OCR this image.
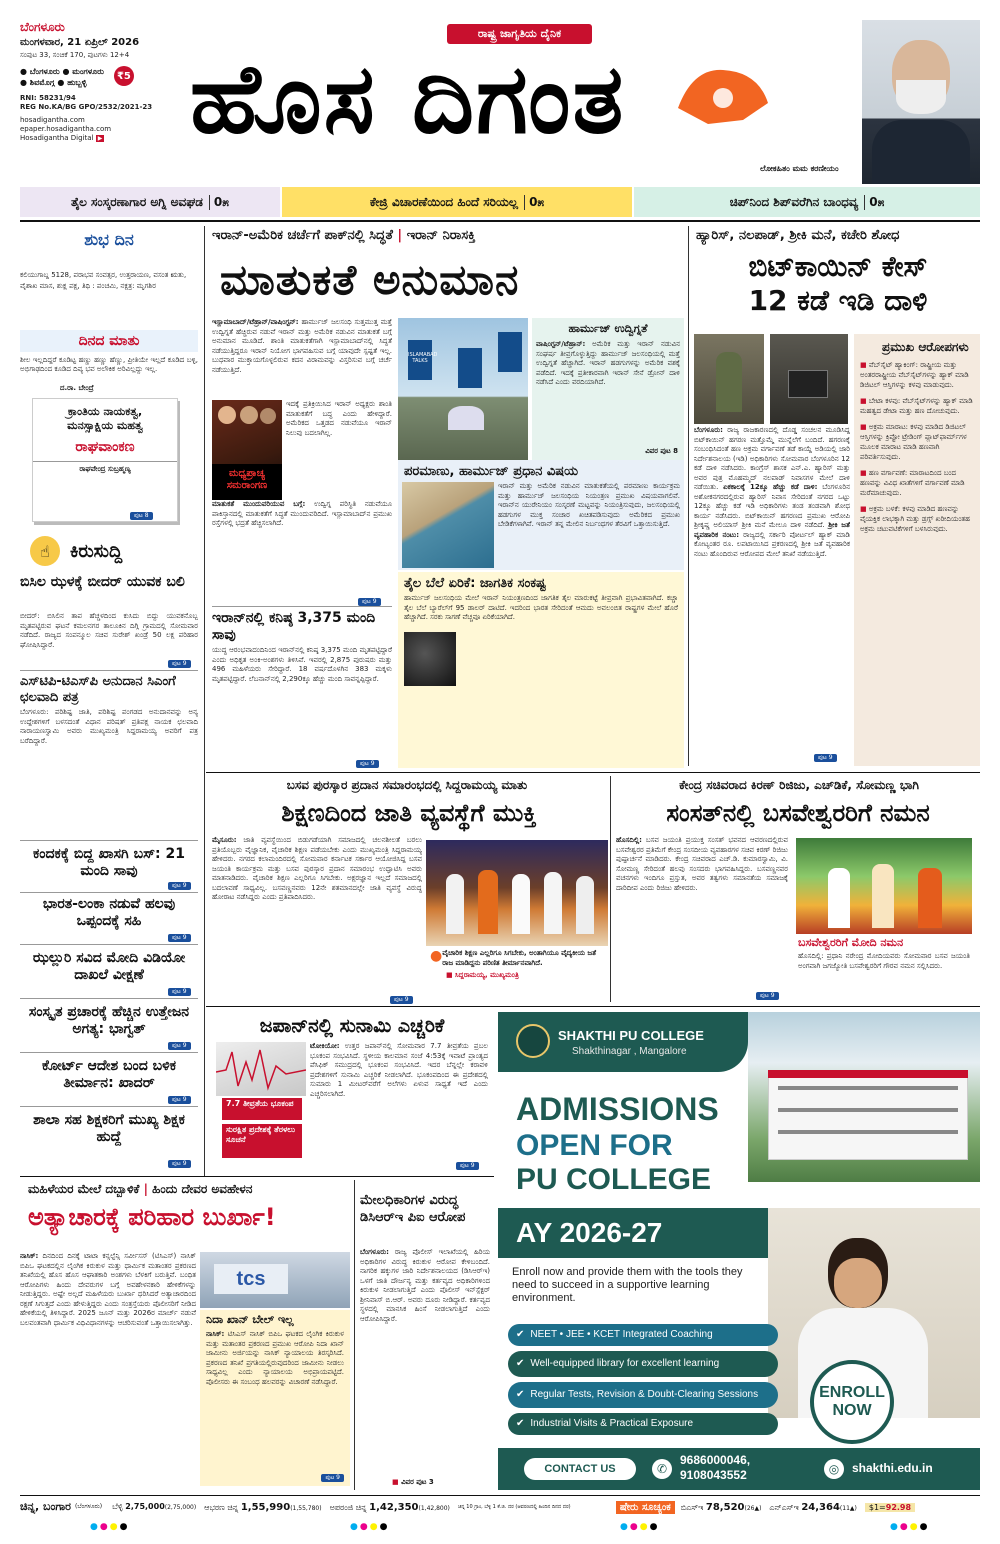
ಬೆಂಗಳೂರು
ಮಂಗಳವಾರ, 21 ಏಪ್ರಿಲ್ 2026
ಸಂಪುಟ 33, ಸಂಚಿಕೆ 170, ಪುಟಗಳು 12+4
● ಬೆಂಗಳೂರು ● ಮಂಗಳೂರು
● ಶಿವಮೊಗ್ಗ ● ಹುಬ್ಬಳ್ಳಿ
₹5
RNI: 58231/94
REG No.KA/BG GPO/2532/2021-23
hosadigantha.com
epaper.hosadigantha.com
Hosadigantha Digital ▶
ರಾಷ್ಟ್ರ ಜಾಗೃತಿಯ ದೈನಿಕ
ಹೊಸ ದಿಗಂತ
ಲೋಕಹಿತಂ ಮಮ ಕರಣೀಯಂ
ತೈಲ ಸಂಸ್ಕರಣಾಗಾರ ಅಗ್ನಿ ಅವಘಡ 0೫	ಕೇಜ್ರಿ ವಿಚಾರಣೆಯಿಂದ ಹಿಂದೆ ಸರಿಯಲ್ಲ 0೫	ಚಿಪ್‌ನಿಂದ ಶಿಪ್‌ವರೆಗಿನ ಬಾಂಧವ್ಯ 0೫
ಶುಭ ದಿನ
ಕಲಿಯುಗಾಬ್ದ 5128, ಪರಾಭವ ಸಂವತ್ಸರ, ಉತ್ತರಾಯಣ, ವಸಂತ ಋತು, ವೈಶಾಖ ಮಾಸ, ಶುಕ್ಲ ಪಕ್ಷ, ತಿಥಿ : ಪಂಚಮಿ, ನಕ್ಷತ್ರ: ಮೃಗಶಿರ
ದಿನದ ಮಾತು
ಶೀಲ ಇಲ್ಲದಿದ್ದರೆ ಕೂಡಿಟ್ಟ ಹಣ್ಣು ಹಣ್ಣು ಹೆಣ್ಣು, ಪ್ರೀತಿಯೇ ಇಲ್ಲದೆ ಕೂಡಿದ ಬಳ್ಳಿ, ಅಭಿಗಾಢದಿಂದ ಕೂಡಿದ ದಿವ್ಯ ಭವ ಅಲೌಕಿಕ ಅರಿವಿಲ್ಲದ್ದು ಇಲ್ಲ.
ದ.ರಾ. ಬೇಂದ್ರೆ
ಕ್ರಾಂತಿಯ ನಾಯಕತ್ವ, ಮನಸ್ಸಾಕ್ಷಿಯ ಮಹತ್ವ
ರಾಘವಾಂಕಣ
ರಾಘವೇಂದ್ರ ಸುಬ್ರಹ್ಮಣ್ಯ
ಪುಟ 8
☝	ಕಿರುಸುದ್ದಿ
ಬಿಸಿಲ ಝಳಕ್ಕೆ ಬೀದರ್ ಯುವಕ ಬಲಿ
ಬೀದರ್: ಬಿಸಿಲಿನ ತಾಪ ಹೆಚ್ಚಳದಿಂದ ಕುಸಿದು ಬಿದ್ದು ಯುವಕನೊಬ್ಬ ಮೃತಪಟ್ಟಿರುವ ಘಟನೆ ಕಮಲನಗರ ತಾಲೂಕಿನ ದಿಗ್ಗಿ ಗ್ರಾಮದಲ್ಲಿ ಸೋಮವಾರ ನಡೆದಿದೆ. ರಾಜ್ಯದ ಸಂಪನ್ಮೂಲ ಸಚಿವ ಸುರೇಶ್ ಖಂಡ್ರೆ 50 ಲಕ್ಷ ಪರಿಹಾರ ಘೋಷಿಸಿದ್ದಾರೆ.
ಪುಟ 9
ಎಸ್‌ಟಿಪಿ-ಟಿಎಸ್‌ಪಿ ಅನುದಾನ ಸಿಎಂಗೆ ಛಲವಾದಿ ಪತ್ರ
ಬೆಂಗಳೂರು: ಪರಿಶಿಷ್ಟ ಜಾತಿ, ಪರಿಶಿಷ್ಟ ಪಂಗಡದ ಅನುದಾನವನ್ನು ಅನ್ಯ ಉದ್ದೇಶಗಳಿಗೆ ಬಳಸದಂತೆ ವಿಧಾನ ಪರಿಷತ್ ಪ್ರತಿಪಕ್ಷ ನಾಯಕ ಛಲವಾದಿ ನಾರಾಯಣಸ್ವಾಮಿ ಅವರು ಮುಖ್ಯಮಂತ್ರಿ ಸಿದ್ದರಾಮಯ್ಯ ಅವರಿಗೆ ಪತ್ರ ಬರೆದಿದ್ದಾರೆ.
ಕಂದಕಕ್ಕೆ ಬಿದ್ದ ಖಾಸಗಿ ಬಸ್: 21 ಮಂದಿ ಸಾವು
ಪುಟ 9
ಭಾರತ-ಲಂಕಾ ನಡುವೆ ಹಲವು ಒಪ್ಪಂದಕ್ಕೆ ಸಹಿ
ಪುಟ 9
ಝಲ್ಲುರಿ ಸವಿದ ಮೋದಿ ವಿಡಿಯೋ ದಾಖಲೆ ವೀಕ್ಷಣೆ
ಪುಟ 9
ಸಂಸ್ಕೃತ ಪ್ರಚಾರಕ್ಕೆ ಹೆಚ್ಚಿನ ಉತ್ತೇಜನ ಅಗತ್ಯ: ಭಾಗ್ವತ್
ಪುಟ 9
ಕೋರ್ಟ್ ಆದೇಶ ಬಂದ ಬಳಿಕ ತೀರ್ಮಾನ: ಖಾದರ್
ಪುಟ 9
ಶಾಲಾ ಸಹ ಶಿಕ್ಷಕರಿಗೆ ಮುಖ್ಯ ಶಿಕ್ಷಕ ಹುದ್ದೆ
ಪುಟ 9
ಇರಾನ್-ಅಮೆರಿಕ ಚರ್ಚೆಗೆ ಪಾಕ್‌ನಲ್ಲಿ ಸಿದ್ಧತೆ | ಇರಾನ್ ನಿರಾಸಕ್ತಿ
ಮಾತುಕತೆ ಅನುಮಾನ
ಇಸ್ಲಾಮಾಬಾದ್/ಟೆಹ್ರಾನ್/ವಾಷಿಂಗ್ಟನ್: ಹಾರ್ಮುಜ್ ಜಲಸಂಧಿ ಸುತ್ತಮುತ್ತ ಮತ್ತೆ ಉದ್ವಿಗ್ನತೆ ಹೆಚ್ಚಿರುವ ನಡುವೆ ಇರಾನ್ ಮತ್ತು ಅಮೆರಿಕ ನಡುವಿನ ಮಾತುಕತೆ ಬಗ್ಗೆ ಅನುಮಾನ ಮೂಡಿದೆ. ಶಾಂತಿ ಮಾತುಕತೆಗಾಗಿ ಇಸ್ಲಾಮಾಬಾದ್‌ನಲ್ಲಿ ಸಿದ್ಧತೆ ನಡೆಯುತ್ತಿದ್ದರೂ ಇರಾನ್ ನಿಯೋಗ ಭಾಗವಹಿಸುವ ಬಗ್ಗೆ ಯಾವುದೇ ಸ್ಪಷ್ಟತೆ ಇಲ್ಲ. ಬುಧವಾರ ಮುಕ್ತಾಯಗೊಳ್ಳಲಿರುವ ಕದನ ವಿರಾಮವನ್ನು ವಿಸ್ತರಿಸುವ ಬಗ್ಗೆ ಚರ್ಚೆ ನಡೆಯುತ್ತಿದೆ.
ಮಧ್ಯಪ್ರಾಚ್ಯ ಸಮರಾಂಗಣ
ಇದಕ್ಕೆ ಪ್ರತಿಕ್ರಿಯಿಸಿದ ಇರಾನ್ ಅಧ್ಯಕ್ಷರು ಶಾಂತಿ ಮಾತುಕತೆಗೆ ಬದ್ಧ ಎಂದು ಹೇಳಿದ್ದಾರೆ. ಅಮೆರಿಕದ ಒತ್ತಡದ ನಡುವೆಯೂ ಇರಾನ್ ನಿಲುವು ಬದಲಾಗಿಲ್ಲ.
ಮಾತುಕತೆ ಮುಂದುವರಿಯುವ ಬಗ್ಗೆ: ಉದ್ವಿಗ್ನ ಪರಿಸ್ಥಿತಿ ನಡುವೆಯೂ ಪಾಕಿಸ್ತಾನದಲ್ಲಿ ಮಾತುಕತೆಗೆ ಸಿದ್ಧತೆ ಮುಂದುವರಿದಿದೆ. ಇಸ್ಲಾಮಾಬಾದ್‌ನ ಪ್ರಮುಖ ರಸ್ತೆಗಳಲ್ಲಿ ಭದ್ರತೆ ಹೆಚ್ಚಿಸಲಾಗಿದೆ.
ಪುಟ 9
ಇರಾನ್‌ನಲ್ಲಿ ಕನಿಷ್ಠ 3,375 ಮಂದಿ ಸಾವು
ಯುದ್ಧ ಆರಂಭವಾದಂದಿನಿಂದ ಇರಾನ್‌ನಲ್ಲಿ ಕನಿಷ್ಠ 3,375 ಮಂದಿ ಮೃತಪಟ್ಟಿದ್ದಾರೆ ಎಂದು ಅಧಿಕೃತ ಅಂಕಿ-ಅಂಶಗಳು ತಿಳಿಸಿವೆ. ಇವರಲ್ಲಿ 2,875 ಪುರುಷರು ಮತ್ತು 496 ಮಹಿಳೆಯರು ಸೇರಿದ್ದಾರೆ. 18 ವರ್ಷದೊಳಗಿನ 383 ಮಕ್ಕಳು ಮೃತಪಟ್ಟಿದ್ದಾರೆ. ಲೆಬನಾನ್‌ನಲ್ಲಿ 2,290ಕ್ಕೂ ಹೆಚ್ಚು ಮಂದಿ ಸಾವನ್ನಪ್ಪಿದ್ದಾರೆ.
ಪುಟ 9
ISLAMABAD TALKS
ಹಾರ್ಮುಜ್ ಉದ್ವಿಗ್ನತೆ
ವಾಷಿಂಗ್ಟನ್/ಟೆಹ್ರಾನ್: ಅಮೆರಿಕ ಮತ್ತು ಇರಾನ್ ನಡುವಿನ ಸಂಘರ್ಷ ತೀವ್ರಗೊಳ್ಳುತ್ತಿದ್ದು ಹಾರ್ಮುಜ್ ಜಲಸಂಧಿಯಲ್ಲಿ ಮತ್ತೆ ಉದ್ವಿಗ್ನತೆ ಹೆಚ್ಚಾಗಿದೆ. ಇರಾನ್ ಹಡಗುಗಳನ್ನು ಅಮೆರಿಕ ವಶಕ್ಕೆ ಪಡೆದಿದೆ. ಇದಕ್ಕೆ ಪ್ರತೀಕಾರವಾಗಿ ಇರಾನ್ ಸೇನೆ ಡ್ರೋನ್ ದಾಳಿ ನಡೆಸಿದೆ ಎಂದು ವರದಿಯಾಗಿದೆ.
ವಿವರ ಪುಟ 8
ಪರಮಾಣು, ಹಾರ್ಮುಜ್ ಪ್ರಧಾನ ವಿಷಯ
ಇರಾನ್ ಮತ್ತು ಅಮೆರಿಕ ನಡುವಿನ ಮಾತುಕತೆಯಲ್ಲಿ ಪರಮಾಣು ಕಾರ್ಯಕ್ರಮ ಮತ್ತು ಹಾರ್ಮುಜ್ ಜಲಸಂಧಿಯ ನಿಯಂತ್ರಣ ಪ್ರಮುಖ ವಿಷಯವಾಗಲಿವೆ. ಇರಾನ್‌ನ ಯುರೇನಿಯಂ ಸಂಸ್ಕರಣೆ ಮಟ್ಟವನ್ನು ನಿಯಂತ್ರಿಸುವುದು, ಜಲಸಂಧಿಯಲ್ಲಿ ಹಡಗುಗಳ ಮುಕ್ತ ಸಂಚಾರ ಖಚಿತಪಡಿಸುವುದು ಅಮೆರಿಕದ ಪ್ರಮುಖ ಬೇಡಿಕೆಗಳಾಗಿವೆ. ಇರಾನ್ ತನ್ನ ಮೇಲಿನ ನಿರ್ಬಂಧಗಳ ತೆರವಿಗೆ ಒತ್ತಾಯಿಸುತ್ತಿದೆ.
ತೈಲ ಬೆಲೆ ಏರಿಕೆ: ಜಾಗತಿಕ ಸಂಕಷ್ಟ
ಹಾರ್ಮುಜ್ ಜಲಸಂಧಿಯ ಮೇಲೆ ಇರಾನ್ ನಿಯಂತ್ರಣದಿಂದ ಜಾಗತಿಕ ತೈಲ ಮಾರುಕಟ್ಟೆ ತೀವ್ರವಾಗಿ ಪ್ರಭಾವಿತವಾಗಿದೆ. ಕಚ್ಚಾ ತೈಲ ಬೆಲೆ ಬ್ಯಾರೆಲ್‌ಗೆ 95 ಡಾಲರ್ ದಾಟಿದೆ. ಇದರಿಂದ ಭಾರತ ಸೇರಿದಂತೆ ಆಮದು ಅವಲಂಬಿತ ರಾಷ್ಟ್ರಗಳ ಮೇಲೆ ಹೊರೆ ಹೆಚ್ಚಾಗಿದೆ. ಸರಕು ಸಾಗಣೆ ವೆಚ್ಚವೂ ಏರಿಕೆಯಾಗಿದೆ.
ಹ್ಯಾರಿಸ್, ನಲಪಾಡ್, ಶ್ರೀಕಿ ಮನೆ, ಕಚೇರಿ ಶೋಧ
ಬಿಟ್‌ಕಾಯಿನ್ ಕೇಸ್
12 ಕಡೆ ಇಡಿ ದಾಳಿ
ಬೆಂಗಳೂರು: ರಾಜ್ಯ ರಾಜಕಾರಣದಲ್ಲಿ ದೊಡ್ಡ ಸಂಚಲನ ಮೂಡಿಸಿದ್ದ ಬಿಟ್‌ಕಾಯಿನ್ ಹಗರಣ ಮತ್ತೊಮ್ಮೆ ಮುನ್ನೆಲೆಗೆ ಬಂದಿದೆ. ಹಗರಣಕ್ಕೆ ಸಂಬಂಧಿಸಿದಂತೆ ಹಣ ಅಕ್ರಮ ವರ್ಗಾವಣೆ ತಡೆ ಕಾಯ್ದೆ ಅಡಿಯಲ್ಲಿ ಜಾರಿ ನಿರ್ದೇಶನಾಲಯ (ಇಡಿ) ಅಧಿಕಾರಿಗಳು ಸೋಮವಾರ ಬೆಂಗಳೂರಿನ 12 ಕಡೆ ದಾಳಿ ನಡೆಸಿದರು. ಕಾಂಗ್ರೆಸ್ ಶಾಸಕ ಎನ್.ಎ. ಹ್ಯಾರಿಸ್ ಮತ್ತು ಅವರ ಪುತ್ರ ಮೊಹಮ್ಮದ್ ನಲಪಾಡ್ ನಿವಾಸಗಳ ಮೇಲೆ ದಾಳಿ ನಡೆಯಿತು. ಏಕಕಾಲಕ್ಕೆ 12ಕ್ಕೂ ಹೆಚ್ಚು ಕಡೆ ದಾಳಿ: ಬೆಂಗಳೂರಿನ ಅಶೋಕನಗರದಲ್ಲಿರುವ ಹ್ಯಾರಿಸ್ ನಿವಾಸ ಸೇರಿದಂತೆ ನಗರದ ಒಟ್ಟು 12ಕ್ಕೂ ಹೆಚ್ಚು ಕಡೆ ಇಡಿ ಅಧಿಕಾರಿಗಳು ತಂಡ ತಂಡವಾಗಿ ಶೋಧ ಕಾರ್ಯ ನಡೆಸಿದರು. ಬಿಟ್‌ಕಾಯಿನ್ ಹಗರಣದ ಪ್ರಮುಖ ಆರೋಪಿ ಶ್ರೀಕೃಷ್ಣ ಅಲಿಯಾಸ್ ಶ್ರೀಕಿ ಮನೆ ಮೇಲೂ ದಾಳಿ ನಡೆದಿದೆ. ಶ್ರೀಕಿ ಜತೆ ವ್ಯವಹಾರಿಕ ನಂಟು: ರಾಜ್ಯದಲ್ಲಿ ಸರ್ಕಾರಿ ಪೋರ್ಟಲ್ ಹ್ಯಾಕ್ ಮಾಡಿ ಕೋಟ್ಯಂತರ ರೂ. ಲಪಟಾಯಿಸಿದ ಪ್ರಕರಣದಲ್ಲಿ ಶ್ರೀಕಿ ಜತೆ ವ್ಯವಹಾರಿಕ ನಂಟು ಹೊಂದಿರುವ ಆರೋಪದ ಮೇಲೆ ತನಿಖೆ ನಡೆಯುತ್ತಿದೆ.
ಪುಟ 9
ಪ್ರಮುಖ ಆರೋಪಗಳು
■ ವೆಬ್‌ಸೈಟ್ ಹ್ಯಾಕಿಂಗ್: ರಾಷ್ಟ್ರೀಯ ಮತ್ತು ಅಂತರರಾಷ್ಟ್ರೀಯ ವೆಬ್‌ಸೈಟ್‌ಗಳನ್ನು ಹ್ಯಾಕ್ ಮಾಡಿ ಡಿಜಿಟಲ್ ಆಸ್ತಿಗಳನ್ನು ಕಳವು ಮಾಡುವುದು.
■ ಬೇಟಾ ಕಳವು: ವೆಬ್‌ಸೈಟ್‌ಗಳನ್ನು ಹ್ಯಾಕ್ ಮಾಡಿ ಮಹತ್ವದ ಡೇಟಾ ಮತ್ತು ಹಣ ದೋಚುವುದು.
■ ಅಕ್ರಮ ಮಾರಾಟ: ಕಳವು ಮಾಡಿದ ಡಿಜಿಟಲ್ ಆಸ್ತಿಗಳನ್ನು ಕ್ರಿಪ್ಟೋ ಟ್ರೇಡಿಂಗ್ ಪ್ಲಾಟ್‌ಫಾರ್ಮ್‌ಗಳ ಮೂಲಕ ಮಾರಾಟ ಮಾಡಿ ಹಣವಾಗಿ ಪರಿವರ್ತಿಸುವುದು.
■ ಹಣ ವರ್ಗಾವಣೆ: ಮಾರಾಟದಿಂದ ಬಂದ ಹಣವನ್ನು ವಿವಿಧ ಖಾತೆಗಳಿಗೆ ವರ್ಗಾವಣೆ ಮಾಡಿ ಮರೆಮಾಚುವುದು.
■ ಅಕ್ರಮ ಬಳಕೆ: ಕಳವು ಮಾಡಿದ ಹಣವನ್ನು ವೈಯಕ್ತಿಕ ಲಾಭಕ್ಕಾಗಿ ಮತ್ತು ಡ್ರಗ್ಸ್ ಖರೀದಿಯಂತಹ ಅಕ್ರಮ ಚಟುವಟಿಕೆಗಳಿಗೆ ಬಳಸಿರುವುದು.
ಬಸವ ಪುರಸ್ಕಾರ ಪ್ರದಾನ ಸಮಾರಂಭದಲ್ಲಿ ಸಿದ್ದರಾಮಯ್ಯ ಮಾತು
ಶಿಕ್ಷಣದಿಂದ ಜಾತಿ ವ್ಯವಸ್ಥೆಗೆ ಮುಕ್ತಿ
ಮೈಸೂರು: ಜಾತಿ ವ್ಯವಸ್ಥೆಯಿಂದ ಬಿಡುಗಡೆಯಾಗಿ ಸಮಾಜದಲ್ಲಿ ಚಲನಶೀಲತೆ ಬರಲು ಪ್ರತಿಯೊಬ್ಬರು ವೈಜ್ಞಾನಿಕ, ವೈಚಾರಿಕ ಶಿಕ್ಷಣ ಪಡೆಯಬೇಕು ಎಂದು ಮುಖ್ಯಮಂತ್ರಿ ಸಿದ್ದರಾಮಯ್ಯ ಹೇಳಿದರು. ನಗರದ ಕಲಾಮಂದಿರದಲ್ಲಿ ಸೋಮವಾರ ಕರ್ನಾಟಕ ಸರ್ಕಾರ ಆಯೋಜಿಸಿದ್ದ ಬಸವ ಜಯಂತಿ ಕಾರ್ಯಕ್ರಮ ಮತ್ತು ಬಸವ ಪುರಸ್ಕಾರ ಪ್ರದಾನ ಸಮಾರಂಭ ಉದ್ಘಾಟಿಸಿ ಅವರು ಮಾತನಾಡಿದರು. ವೈಚಾರಿಕ ಶಿಕ್ಷಣ ಎಲ್ಲರಿಗೂ ಸಿಗಬೇಕು. ಅಕ್ಷರಜ್ಞಾನ ಇಲ್ಲದೆ ಸಮಾಜದಲ್ಲಿ ಬದಲಾವಣೆ ಸಾಧ್ಯವಿಲ್ಲ. ಬಸವಣ್ಣನವರು 12ನೇ ಶತಮಾನದಲ್ಲೇ ಜಾತಿ ವ್ಯವಸ್ಥೆ ವಿರುದ್ಧ ಹೋರಾಟ ನಡೆಸಿದ್ದರು ಎಂದು ಪ್ರತಿಪಾದಿಸಿದರು.
ಪುಟ 9
● ವೈಚಾರಿಕ ಶಿಕ್ಷಣ ಎಲ್ಲರಿಗೂ ಸಿಗಬೇಕು, ಅಂತಾಗಿಯೂ ವೈದ್ಯಕೀಯ ಜತೆ ರಾಜ ಮಾಡಿದ್ದನು ಪರಿಣಿತ ತೀರ್ಮಾನವಾಗಿದೆ.
■ ಸಿದ್ದರಾಮಯ್ಯ, ಮುಖ್ಯಮಂತ್ರಿ
ಕೇಂದ್ರ ಸಚಿವರಾದ ಕಿರಣ್ ರಿಜಿಜು, ಎಚ್‌ಡಿಕೆ, ಸೋಮಣ್ಣ ಭಾಗಿ
ಸಂಸತ್‌ನಲ್ಲಿ ಬಸವೇಶ್ವರರಿಗೆ ನಮನ
ಹೊಸದಿಲ್ಲಿ: ಬಸವ ಜಯಂತಿ ಪ್ರಯುಕ್ತ ಸಂಸತ್ ಭವನದ ಆವರಣದಲ್ಲಿರುವ ಬಸವೇಶ್ವರರ ಪ್ರತಿಮೆಗೆ ಕೇಂದ್ರ ಸಂಸದೀಯ ವ್ಯವಹಾರಗಳ ಸಚಿವ ಕಿರಣ್ ರಿಜಿಜು ಪುಷ್ಪಾರ್ಚನೆ ಮಾಡಿದರು. ಕೇಂದ್ರ ಸಚಿವರಾದ ಎಚ್.ಡಿ. ಕುಮಾರಸ್ವಾಮಿ, ವಿ. ಸೋಮಣ್ಣ ಸೇರಿದಂತೆ ಹಲವು ಸಂಸದರು ಭಾಗವಹಿಸಿದ್ದರು. ಬಸವಣ್ಣನವರ ವಚನಗಳು ಇಂದಿಗೂ ಪ್ರಸ್ತುತ, ಅವರ ತತ್ವಗಳು ಸಮಾನತೆಯ ಸಮಾಜಕ್ಕೆ ದಾರಿದೀಪ ಎಂದು ರಿಜಿಜು ಹೇಳಿದರು.
ಪುಟ 9
ಬಸವೇಶ್ವರರಿಗೆ ಮೋದಿ ನಮನ
ಹೊಸದಿಲ್ಲಿ: ಪ್ರಧಾನಿ ನರೇಂದ್ರ ಮೋದಿಯವರು ಸೋಮವಾರ ಬಸವ ಜಯಂತಿ ಅಂಗವಾಗಿ ಜಗಜ್ಯೋತಿ ಬಸವೇಶ್ವರರಿಗೆ ಗೌರವ ನಮನ ಸಲ್ಲಿಸಿದರು.
ಜಪಾನ್‌ನಲ್ಲಿ ಸುನಾಮಿ ಎಚ್ಚರಿಕೆ
7.7 ತೀವ್ರತೆಯ ಭೂಕಂಪ
ಸುರಕ್ಷಿತ ಪ್ರದೇಶಕ್ಕೆ ತೆರಳಲು ಸೂಚನೆ
ಟೋಕಿಯೋ: ಉತ್ತರ ಜಪಾನ್‌ನಲ್ಲಿ ಸೋಮವಾರ 7.7 ತೀವ್ರತೆಯ ಪ್ರಬಲ ಭೂಕಂಪ ಸಂಭವಿಸಿದೆ. ಸ್ಥಳೀಯ ಕಾಲಮಾನ ಸಂಜೆ 4:53ಕ್ಕೆ ಇವಾಟೆ ಪ್ರಾಂತ್ಯದ ಪೆಸಿಫಿಕ್ ಸಮುದ್ರದಲ್ಲಿ ಭೂಕಂಪ ಸಂಭವಿಸಿದೆ. ಇದರ ಬೆನ್ನಲ್ಲೇ ಕರಾವಳಿ ಪ್ರದೇಶಗಳಿಗೆ ಸುನಾಮಿ ಎಚ್ಚರಿಕೆ ನೀಡಲಾಗಿದೆ. ಭೂಕಂಪದಿಂದ ಈ ಪ್ರದೇಶದಲ್ಲಿ ಸುಮಾರು 1 ಮೀಟರ್‌ವರೆಗೆ ಅಲೆಗಳು ಏಳುವ ಸಾಧ್ಯತೆ ಇದೆ ಎಂದು ಎಚ್ಚರಿಸಲಾಗಿದೆ.
ಪುಟ 9
SHAKTHI PU COLLEGE
Shakthinagar , Mangalore
ADMISSIONS
OPEN FOR
PU COLLEGE
AY 2026-27
Enroll now and provide them with the tools they need to succeed in a supportive learning environment.
✔ NEET • JEE • KCET Integrated Coaching
✔ Well-equipped library for excellent learning
✔ Regular Tests, Revision & Doubt-Clearing Sessions
✔ Industrial Visits & Practical Exposure
ENROLL NOW
CONTACT US	✆
9686000046,
9108043552	◎	shakthi.edu.in
ಮಹಿಳೆಯರ ಮೇಲೆ ದಬ್ಬಾಳಿಕೆ | ಹಿಂದು ದೇವರ ಅವಹೇಳನ
ಅತ್ಯಾಚಾರಕ್ಕೆ ಪರಿಹಾರ ಬುರ್ಖಾ!
ನಾಸಿಕ್: ದಿನದಿಂದ ದಿನಕ್ಕೆ ಟಾಟಾ ಕನ್ಸಲ್ಟೆನ್ಸಿ ಸರ್ವೀಸಸ್ (ಟಿಸಿಎಸ್) ನಾಸಿಕ್ ಬಿಪಿಒ ಘಟಕದಲ್ಲಿನ ಲೈಂಗಿಕ ಕಿರುಕುಳ ಮತ್ತು ಧಾರ್ಮಿಕ ಮತಾಂತರ ಪ್ರಕರಣದ ತನಿಖೆಯಲ್ಲಿ ಹೊಸ ಹೊಸ ಆಘಾತಕಾರಿ ಅಂಶಗಳು ಬೆಳಕಿಗೆ ಬರುತ್ತಿವೆ. ಬಂಧಿತ ಆರೋಪಿಗಳು ಹಿಂದು ದೇವರುಗಳ ಬಗ್ಗೆ ಅವಹೇಳನಕಾರಿ ಹೇಳಿಕೆಗಳನ್ನು ನೀಡುತ್ತಿದ್ದರು. ಅಷ್ಟೇ ಅಲ್ಲದೆ ಮಹಿಳೆಯರು ಬುರ್ಖಾ ಧರಿಸಿದರೆ ಅತ್ಯಾಚಾರದಿಂದ ರಕ್ಷಣೆ ಸಿಗುತ್ತದೆ ಎಂದು ಹೇಳುತ್ತಿದ್ದರು ಎಂದು ಸಂತ್ರಸ್ತೆಯರು ಪೊಲೀಸರಿಗೆ ನೀಡಿದ ಹೇಳಿಕೆಯಲ್ಲಿ ತಿಳಿಸಿದ್ದಾರೆ. 2025 ಜೂನ್ ಮತ್ತು 2026ರ ಮಾರ್ಚ್ ನಡುವೆ ಬಲವಂತವಾಗಿ ಧಾರ್ಮಿಕ ವಿಧಿವಿಧಾನಗಳನ್ನು ಆಚರಿಸುವಂತೆ ಒತ್ತಾಯಿಸಲಾಗಿತ್ತು.
tcs
ನಿದಾ ಖಾನ್ ಬೇಲ್ ಇಲ್ಲ
ನಾಸಿಕ್: ಟಿಸಿಎಸ್ ನಾಸಿಕ್ ಬಿಪಿಒ ಘಟಕದ ಲೈಂಗಿಕ ಕಿರುಕುಳ ಮತ್ತು ಮತಾಂತರ ಪ್ರಕರಣದ ಪ್ರಮುಖ ಆರೋಪಿ ನಿದಾ ಖಾನ್ ಜಾಮೀನು ಅರ್ಜಿಯನ್ನು ನಾಸಿಕ್ ನ್ಯಾಯಾಲಯ ತಿರಸ್ಕರಿಸಿದೆ. ಪ್ರಕರಣದ ತನಿಖೆ ಪ್ರಗತಿಯಲ್ಲಿರುವುದರಿಂದ ಜಾಮೀನು ನೀಡಲು ಸಾಧ್ಯವಿಲ್ಲ ಎಂದು ನ್ಯಾಯಾಲಯ ಅಭಿಪ್ರಾಯಪಟ್ಟಿದೆ. ಪೊಲೀಸರು ಈ ಸಂಬಂಧ ಹಲವರನ್ನು ವಿಚಾರಣೆ ನಡೆಸಿದ್ದಾರೆ.
ಪುಟ 9
ಮೇಲಧಿಕಾರಿಗಳ ವಿರುದ್ಧ ಡಿಸಿಆರ್‌ಇ ಪಿಐ ಆರೋಪ
ಬೆಂಗಳೂರು: ರಾಜ್ಯ ಪೊಲೀಸ್ ಇಲಾಖೆಯಲ್ಲಿ ಹಿರಿಯ ಅಧಿಕಾರಿಗಳ ವಿರುದ್ಧ ಕಿರುಕುಳ ಆರೋಪ ಕೇಳಿಬಂದಿದೆ. ನಾಗರಿಕ ಹಕ್ಕುಗಳ ಜಾರಿ ನಿರ್ದೇಶನಾಲಯದ (ಡಿಸಿಆರ್‌ಇ) ಒಳಗೆ ಜಾತಿ ದೌರ್ಜನ್ಯ ಮತ್ತು ಕರ್ತವ್ಯದ ಅಧಿಕಾರಿಗಳಿಂದ ಕಿರುಕುಳ ನೀಡಲಾಗುತ್ತಿದೆ ಎಂದು ಪೊಲೀಸ್ ಇನ್‌ಸ್ಪೆಕ್ಟರ್ ಶ್ರೀನಿವಾಸ್ ಬಿ.ಆರ್. ಅವರು ದೂರು ನೀಡಿದ್ದಾರೆ. ಕರ್ತವ್ಯದ ಸ್ಥಳದಲ್ಲಿ ಮಾನಸಿಕ ಹಿಂಸೆ ನೀಡಲಾಗುತ್ತಿದೆ ಎಂದು ಆರೋಪಿಸಿದ್ದಾರೆ.
■ ವಿವರ ಪುಟ 3
ಚಿನ್ನ, ಬಂಗಾರ (ಬೆಂಗಳೂರು) ಬೆಳ್ಳಿ 2,75,000(2,75,000) ಆಭರಣ ಚಿನ್ನ 1,55,990(1,55,780) ಅಪರಂಜಿ ಚಿನ್ನ 1,42,350(1,42,800) ಚಿನ್ನ 10 ಗ್ರಾಂ, ಬೆಳ್ಳಿ 1 ಕೆ.ಜಿ. ದರ (ಆವರಣದಲ್ಲಿ ಹಿಂದಿನ ದಿನದ ದರ)	ಷೇರು ಸೂಚ್ಯಂಕ	ಬಿಎಸ್‌ಇ 78,520(26▲) ಎನ್‌ಎಸ್‌ಇ 24,364(11▲)	$1=92.98
●●●●	●●●●	●●●●	●●●●
